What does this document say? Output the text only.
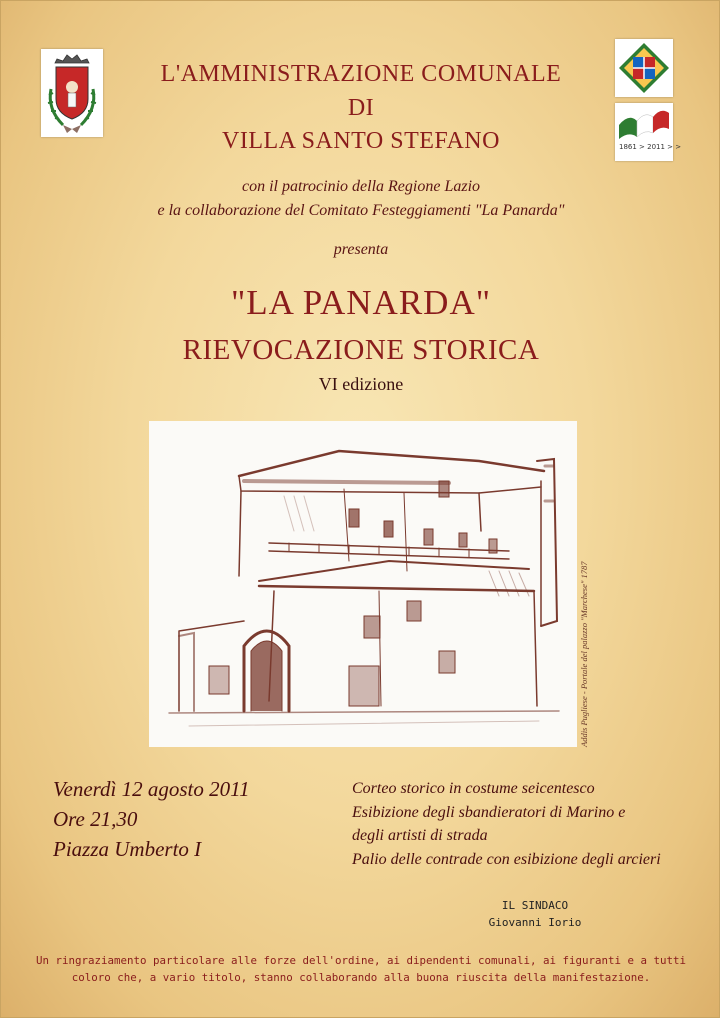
1861 > 2011 > >
L'AMMINISTRAZIONE COMUNALE
DI
VILLA SANTO STEFANO
con il patrocinio della Regione Lazio
e la collaborazione del Comitato Festeggiamenti "La Panarda"
presenta
"LA PANARDA"
RIEVOCAZIONE STORICA
VI edizione
Addis Pugliese - Portale del palazzo "Marchese" 1787
Venerdì 12 agosto 2011
Ore 21,30
Piazza Umberto I
Corteo storico in costume seicentesco
Esibizione degli sbandieratori di Marino e
degli artisti di strada
Palio delle contrade con esibizione degli arcieri
IL SINDACO
Giovanni Iorio
Un ringraziamento particolare alle forze dell'ordine, ai dipendenti comunali, ai figuranti e a tutti
coloro che, a vario titolo, stanno collaborando alla buona riuscita della manifestazione.
